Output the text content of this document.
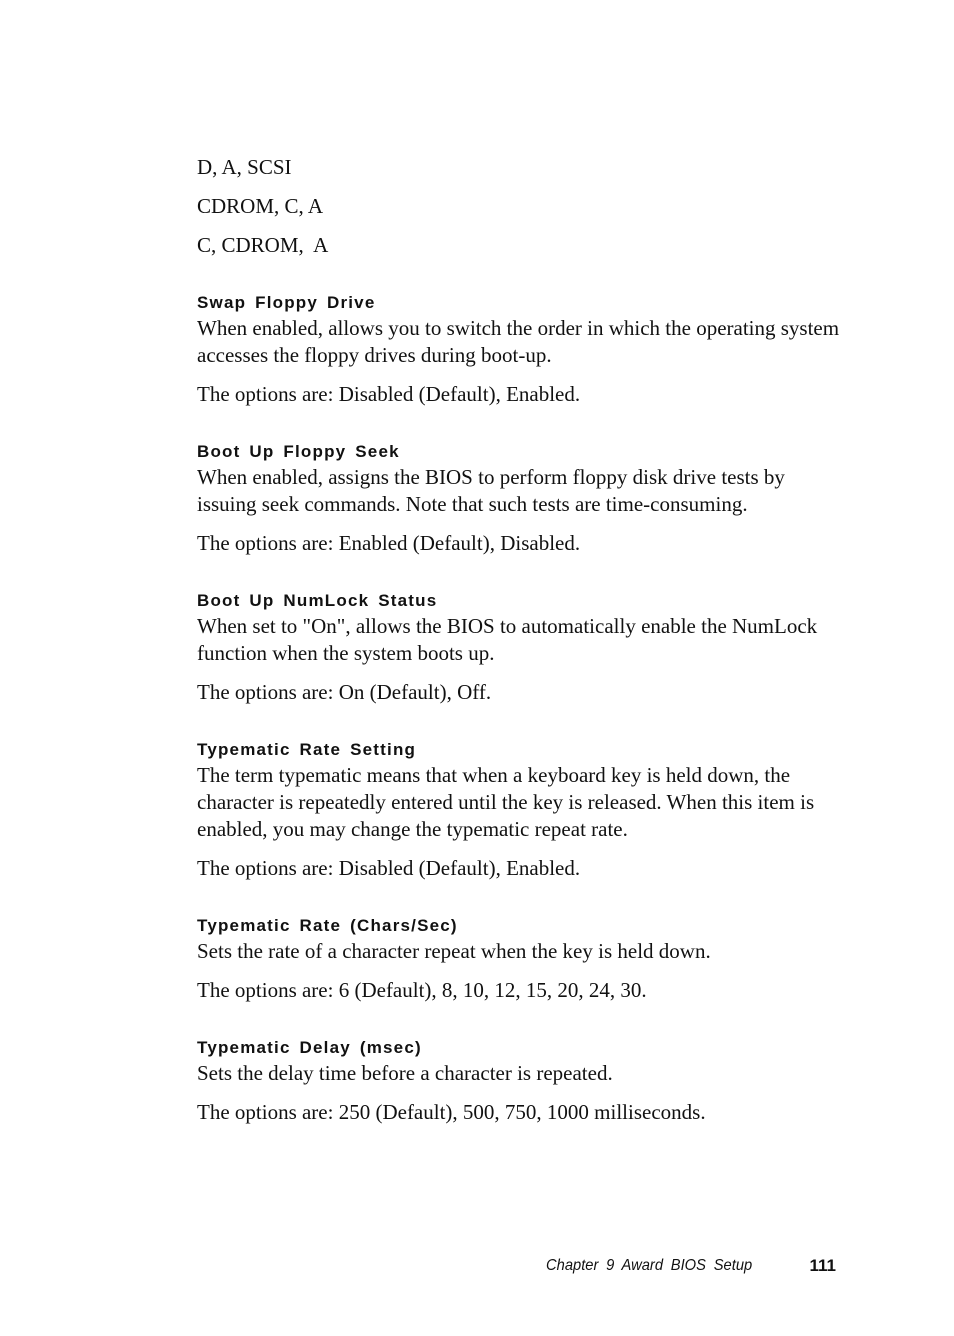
D, A, SCSI

CDROM, C, A

C, CDROM,  A

Swap Floppy Drive

When enabled, allows you to switch the order in which the operating system accesses the floppy drives during boot-up.

The options are: Disabled (Default), Enabled.

Boot Up Floppy Seek

When enabled, assigns the BIOS to perform floppy disk drive tests by issuing seek commands. Note that such tests are time-consuming.

The options are: Enabled (Default), Disabled.

Boot Up NumLock Status

When set to "On", allows the BIOS to automatically enable the NumLock function when the system boots up.

The options are: On (Default), Off.

Typematic Rate Setting

The term typematic means that when a keyboard key is held down, the character is repeatedly entered until the key is released. When this item is enabled, you may change the typematic repeat rate.

The options are: Disabled (Default), Enabled.

Typematic Rate (Chars/Sec)

Sets the rate of a character repeat when the key is held down.

The options are: 6 (Default), 8, 10, 12, 15, 20, 24, 30.

Typematic Delay (msec)

Sets the delay time before a character is repeated.

The options are: 250 (Default), 500, 750, 1000 milliseconds.

Chapter 9 Award BIOS Setup	111
